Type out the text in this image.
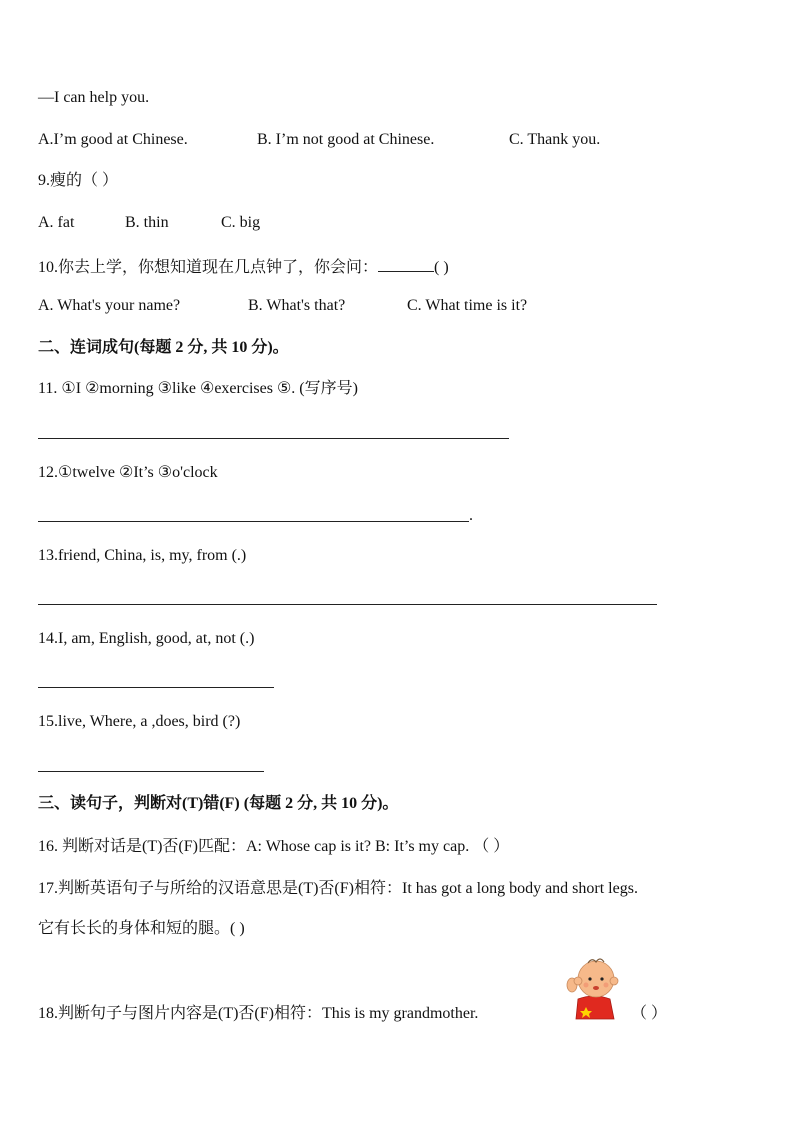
—I can help you.
A.I’m good at Chinese.	B. I’m not good at Chinese.	C. Thank you.
9.瘦的（ ）
A. fat	B. thin	C. big
10.你去上学，你想知道现在几点钟了，你会问：	( )
A. What's your name?	B. What's that?	C. What time is it?
二、连词成句(每题 2 分, 共 10 分)。
11. ①I ②morning ③like ④exercises ⑤. (写序号)
12.①twelve ②It’s ③o'clock
.
13.friend, China, is, my, from (.)
14.I, am, English, good, at, not (.)
15.live, Where, a ,does, bird (?)
三、读句子，判断对(T)错(F) (每题 2 分, 共 10 分)。
16. 判断对话是(T)否(F)匹配：A: Whose cap is it? B: It’s my cap. （ ）
17.判断英语句子与所给的汉语意思是(T)否(F)相符：It has got a long body and short legs.
它有长长的身体和短的腿。( )
18.判断句子与图片内容是(T)否(F)相符：This is my grandmother.	（ ）
